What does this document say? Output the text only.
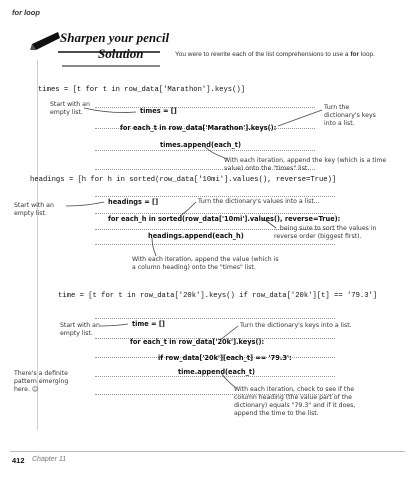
for loop
Sharpen your pencil
Solution	You were to rewrite each of the list comprehensions to use a for loop.
times = [t for t in row_data['Marathon'].keys()]
Start with an empty list.	times = []
for each_t in row_data['Marathon'].keys():
times.append(each_t)
Turn the dictionary's keys into a list.
With each iteration, append the key (which is a time value) onto the "times" list.
headings = [h for h in sorted(row_data['10mi'].values(), reverse=True)]
Start with an empty list.
headings = []	Turn the dictionary's values into a list...
for each_h in sorted(row_data['10mi'].values(), reverse=True):
headings.append(each_h)
...being sure to sort the values in reverse order (biggest first).
With each iteration, append the value (which is a column heading) onto the "times" list.
time = [t for t in row_data['20k'].keys() if row_data['20k'][t] == '79.3']
Start with an empty list.
time = []	Turn the dictionary's keys into a list.
for each_t in row_data['20k'].keys():
if row_data['20k'][each_t] == '79.3':
time.append(each_t)
There's a definite pattern emerging here. ☺	With each iteration, check to see if the column heading (the value part of the dictionary) equals "79.3" and if it does, append the time to the list.
412 Chapter 11
